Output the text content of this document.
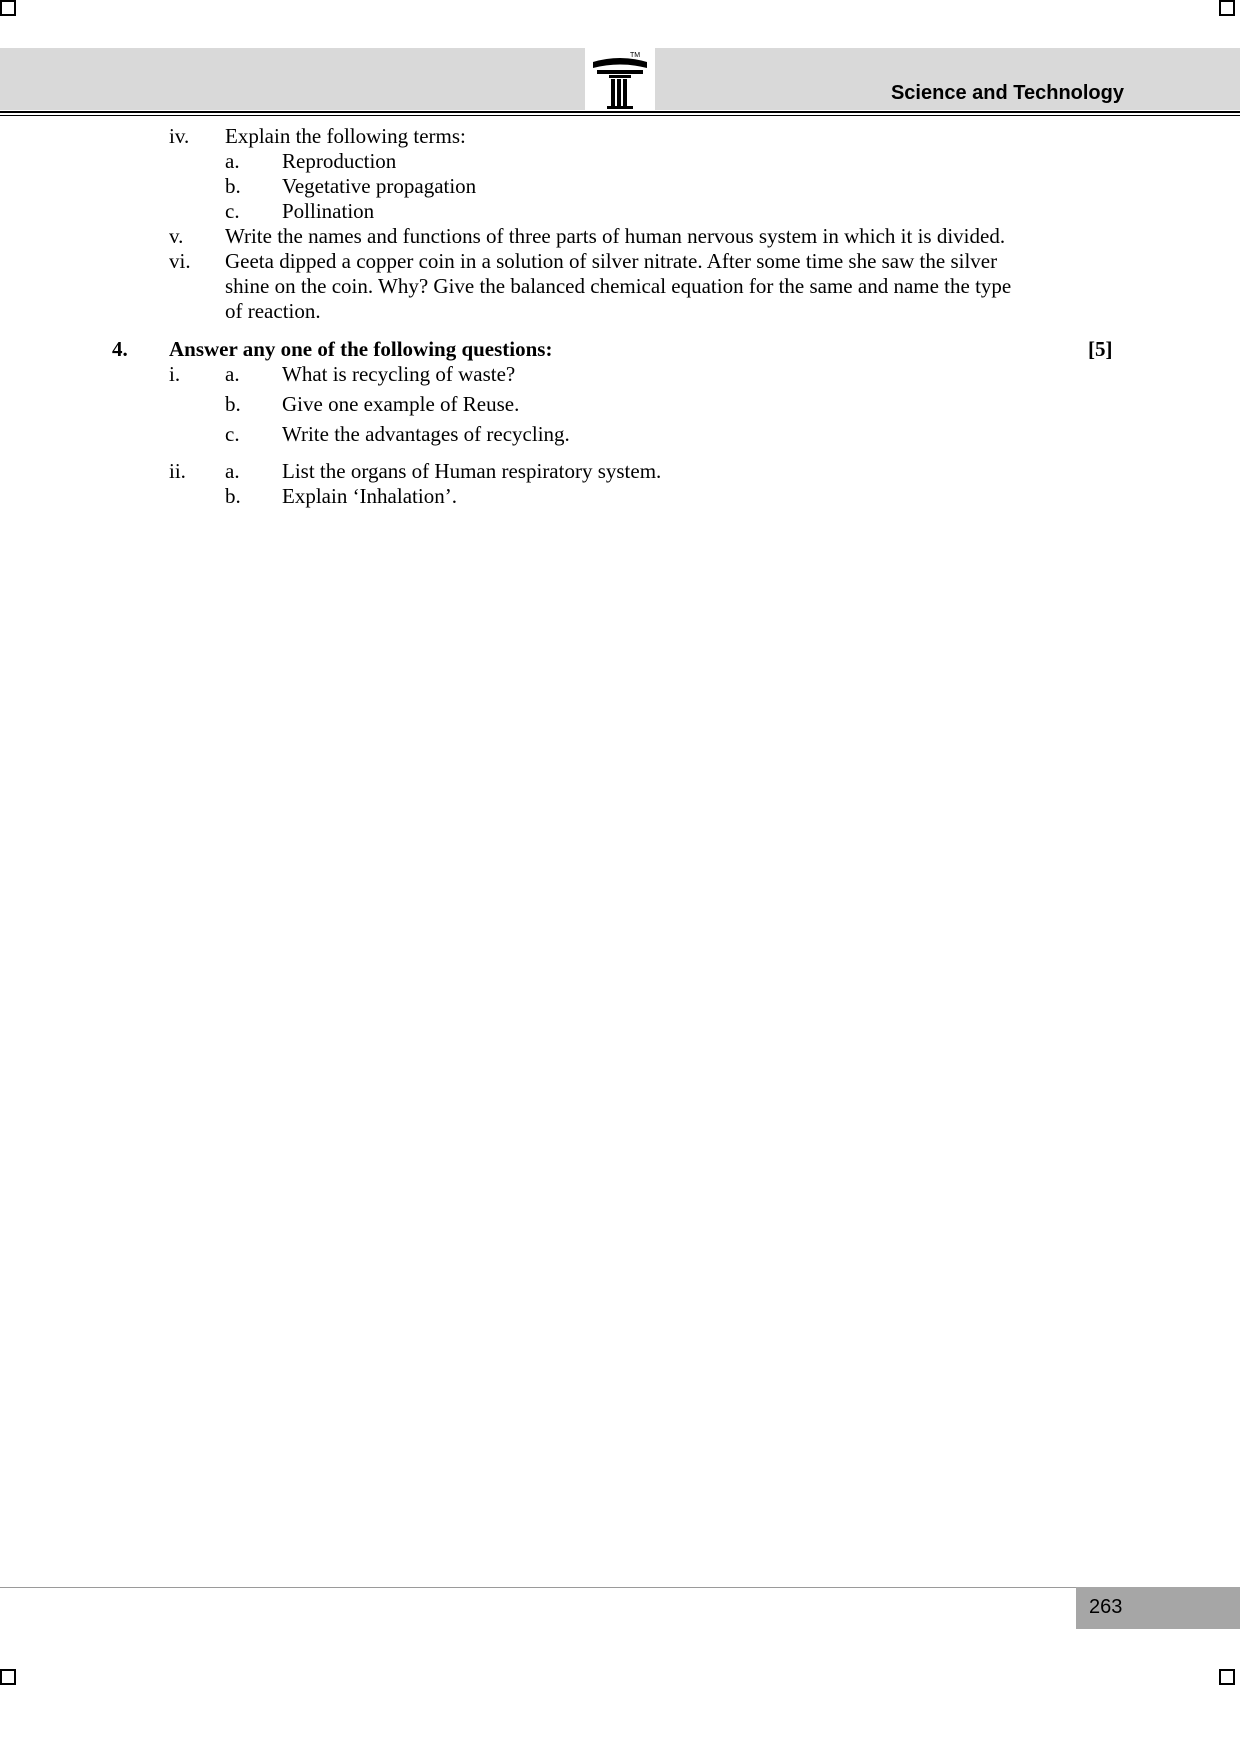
TM
Science and Technology
iv. Explain the following terms:
a. Reproduction
b. Vegetative propagation
c. Pollination
v. Write the names and functions of three parts of human nervous system in which it is divided.
vi. Geeta dipped a copper coin in a solution of silver nitrate. After some time she saw the silver
shine on the coin. Why? Give the balanced chemical equation for the same and name the type
of reaction.
4. Answer any one of the following questions:	[5]
i. a. What is recycling of waste?
b. Give one example of Reuse.
c. Write the advantages of recycling.
ii. a. List the organs of Human respiratory system.
b. Explain ‘Inhalation’.
263
